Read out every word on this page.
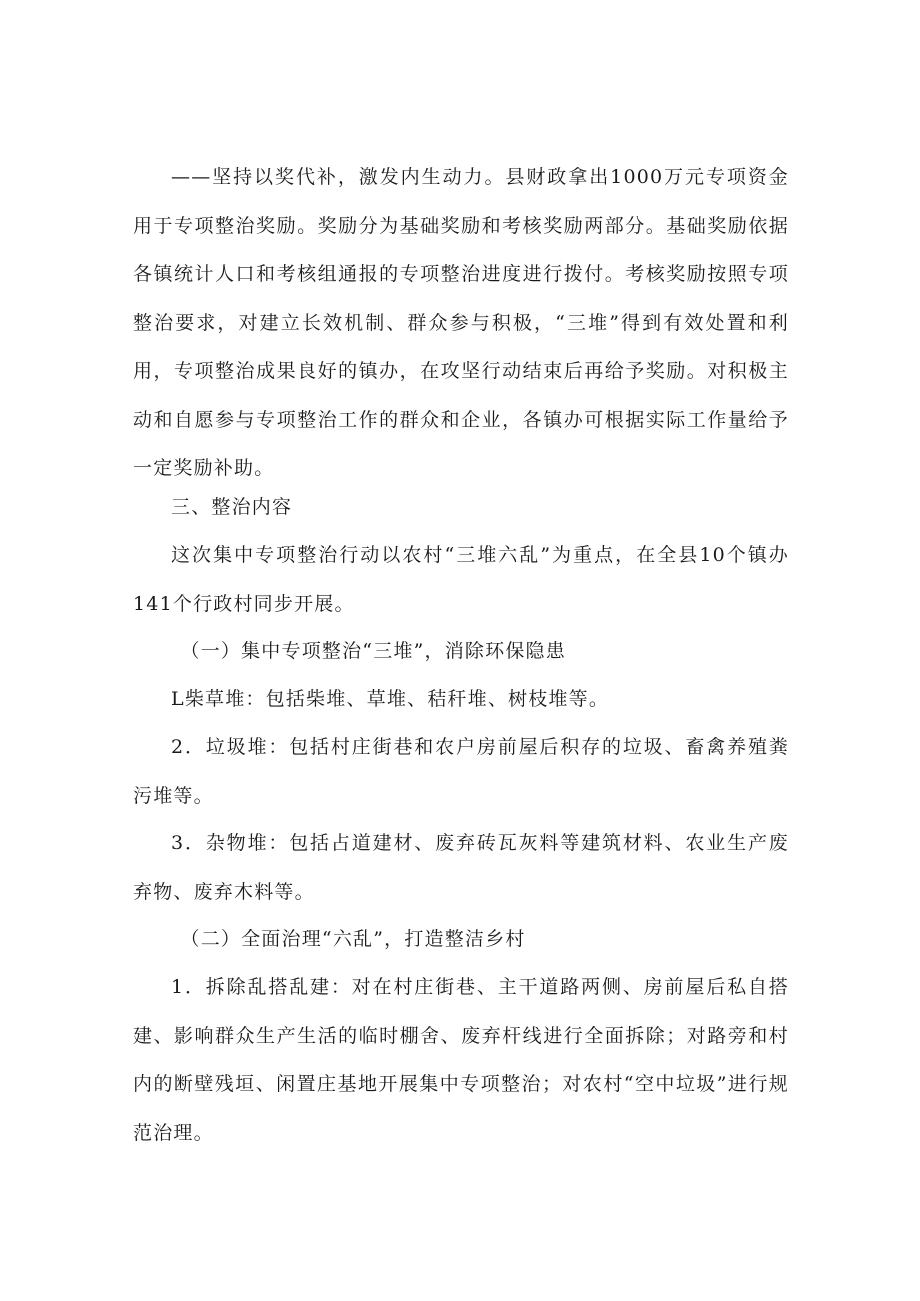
——坚持以奖代补，激发内生动力。县财政拿出1000万元专项资金用于专项整治奖励。奖励分为基础奖励和考核奖励两部分。基础奖励依据各镇统计人口和考核组通报的专项整治进度进行拨付。考核奖励按照专项整治要求，对建立长效机制、群众参与积极，“三堆”得到有效处置和利用，专项整治成果良好的镇办，在攻坚行动结束后再给予奖励。对积极主动和自愿参与专项整治工作的群众和企业，各镇办可根据实际工作量给予一定奖励补助。

三、整治内容

这次集中专项整治行动以农村“三堆六乱”为重点，在全县10个镇办141个行政村同步开展。

（一）集中专项整治“三堆”，消除环保隐患

L柴草堆：包括柴堆、草堆、秸秆堆、树枝堆等。

2．垃圾堆：包括村庄街巷和农户房前屋后积存的垃圾、畜禽养殖粪污堆等。

3．杂物堆：包括占道建材、废弃砖瓦灰料等建筑材料、农业生产废弃物、废弃木料等。

（二）全面治理“六乱”，打造整洁乡村

1．拆除乱搭乱建：对在村庄街巷、主干道路两侧、房前屋后私自搭建、影响群众生产生活的临时棚舍、废弃杆线进行全面拆除；对路旁和村内的断壁残垣、闲置庄基地开展集中专项整治；对农村“空中垃圾”进行规范治理。
